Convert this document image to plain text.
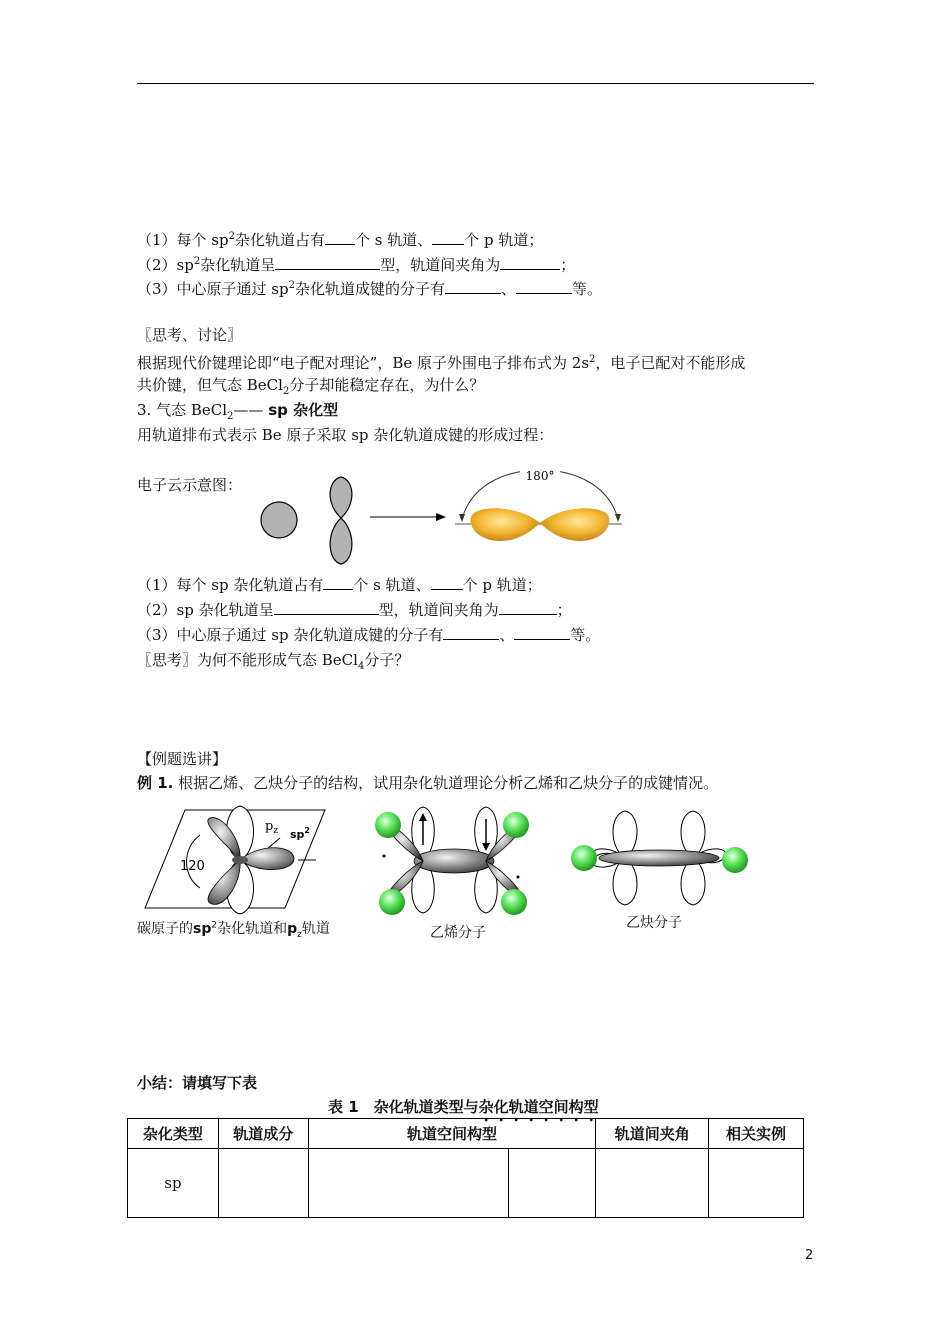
（1）每个 $sp^2$杂化轨道占有 个 s 轨道、 个 p 轨道；
$(2)sp^2$杂化轨道呈	型，轨道间夹角为	；
（3）中心原子通过 $sp^2$杂化轨道成键的分子有	、	等。
〖思考、讨论〗
根据现代价键理论即“电子配对理论”，Be 原子外围电子排布式为 $2s^2$，电子已配对不能形成
共价键，但气态 BeCl$_2$分子却能稳定存在，为什么？
3. 气态 BeCl$_2$—— sp 杂化型
用轨道排布式表示 Be 原子采取 sp 杂化轨道成键的形成过程：
电子云示意图：	180°
（1）每个 sp 杂化轨道占有 个 s 轨道、 个 p 轨道；
（2）sp 杂化轨道呈	型，轨道间夹角为	；
（3）中心原子通过 sp 杂化轨道成键的分子有	、	等。
〖思考〗为何不能形成气态 BeCl$_4$分子？
【例题选讲】
例 1. 根据乙烯、乙炔分子的结构，试用杂化轨道理论分析乙烯和乙炔分子的成键情况。
$p_z$ $sp^2$
120
碳原子的$sp^2$杂化轨道和$p_z$轨道	乙烯分子
乙炔分子
小结：请填写下表
表 1　杂化轨道类型与杂化轨道空间构型
杂化类型	轨道成分	轨道空间构型		轨道间夹角	相关实例
sp					
2
